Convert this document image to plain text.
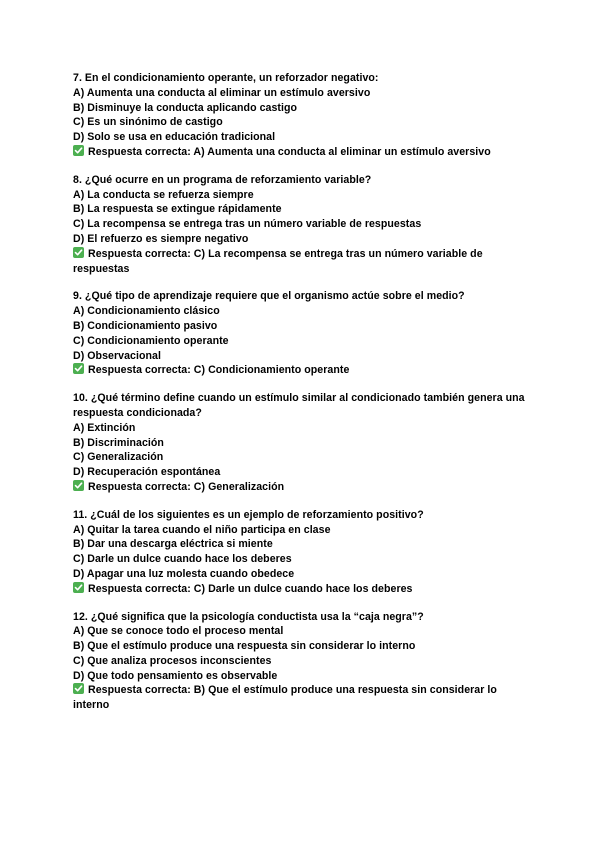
7. En el condicionamiento operante, un reforzador negativo:
A) Aumenta una conducta al eliminar un estímulo aversivo
B) Disminuye la conducta aplicando castigo
C) Es un sinónimo de castigo
D) Solo se usa en educación tradicional
Respuesta correcta: A) Aumenta una conducta al eliminar un estímulo aversivo
8. ¿Qué ocurre en un programa de reforzamiento variable?
A) La conducta se refuerza siempre
B) La respuesta se extingue rápidamente
C) La recompensa se entrega tras un número variable de respuestas
D) El refuerzo es siempre negativo
Respuesta correcta: C) La recompensa se entrega tras un número variable de respuestas
9. ¿Qué tipo de aprendizaje requiere que el organismo actúe sobre el medio?
A) Condicionamiento clásico
B) Condicionamiento pasivo
C) Condicionamiento operante
D) Observacional
Respuesta correcta: C) Condicionamiento operante
10. ¿Qué término define cuando un estímulo similar al condicionado también genera una respuesta condicionada?
A) Extinción
B) Discriminación
C) Generalización
D) Recuperación espontánea
Respuesta correcta: C) Generalización
11. ¿Cuál de los siguientes es un ejemplo de reforzamiento positivo?
A) Quitar la tarea cuando el niño participa en clase
B) Dar una descarga eléctrica si miente
C) Darle un dulce cuando hace los deberes
D) Apagar una luz molesta cuando obedece
Respuesta correcta: C) Darle un dulce cuando hace los deberes
12. ¿Qué significa que la psicología conductista usa la “caja negra”?
A) Que se conoce todo el proceso mental
B) Que el estímulo produce una respuesta sin considerar lo interno
C) Que analiza procesos inconscientes
D) Que todo pensamiento es observable
Respuesta correcta: B) Que el estímulo produce una respuesta sin considerar lo interno
